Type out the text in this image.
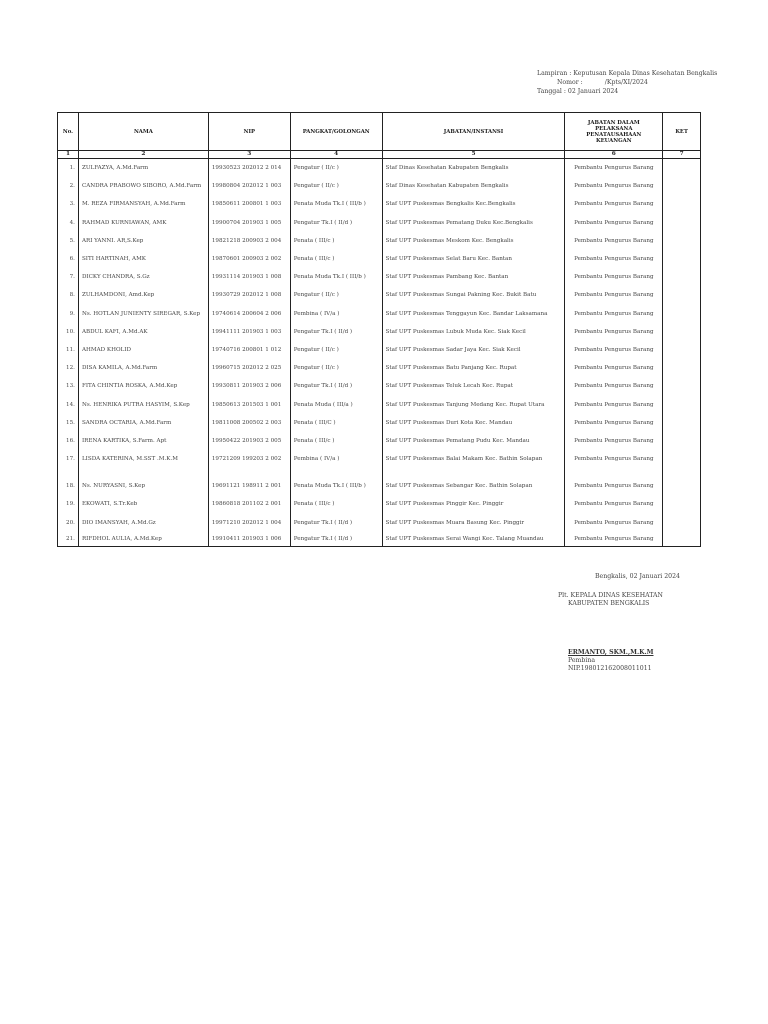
Lampiran : Keputusan Kepala Dinas Kesehatan Bengkalis
Nomor :	/Kpts/XI/2024
Tanggal : 02 Januari 2024
No.	NAMA	NIP	PANGKAT/GOLONGAN	JABATAN/INSTANSI	JABATAN DALAM PELAKSANA PENATAUSAHAAN KEUANGAN	KET
1	2	3	4	5	6	7
1.	ZULFAZYA, A.Md.Farm	19930523 202012 2 014	Pengatur ( II/c )	Staf Dinas Kesehatan Kabupaten Bengkalis	Pembantu Pengurus Barang	
2.	CANDRA PRABOWO SIBORO, A.Md.Farm	19980804 202012 1 003	Pengatur ( II/c )	Staf Dinas Kesehatan Kabupaten Bengkalis	Pembantu Pengurus Barang	
3.	M. REZA FIRMANSYAH, A.Md.Farm	19850611 200801 1 003	Penata Muda Tk.I ( III/b )	Staf UPT Puskesmas Bengkalis Kec.Bengkalis	Pembantu Pengurus Barang	
4.	RAHMAD KURNIAWAN, AMK	19900704 201903 1 005	Pengatur Tk.I ( II/d )	Staf UPT Puskesmas Pematang Duku Kec.Bengkalis	Pembantu Pengurus Barang	
5.	ARI YANNI. AR,S.Kep	19821218 200903 2 004	Penata ( III/c )	Staf UPT Puskesmas Meskom Kec. Bengkalis	Pembantu Pengurus Barang	
6.	SITI HARTINAH, AMK	19870601 200903 2 002	Penata ( III/c )	Staf UPT Puskesmas Selat Baru Kec. Bantan	Pembantu Pengurus Barang	
7.	DICKY CHANDRA, S.Gz	19931114 201903 1 008	Penata Muda Tk.I ( III/b )	Staf UPT Puskesmas Pambang Kec. Bantan	Pembantu Pengurus Barang	
8.	ZULHAMDONI, Amd.Kep	19930729 202012 1 008	Pengatur ( II/c )	Staf UPT Puskesmas Sungai Pakning Kec. Bukit Batu	Pembantu Pengurus Barang	
9.	Ns. HOTLAN JUNIENTY SIREGAR, S.Kep	19740614 200604 2 006	Pembina ( IV/a )	Staf UPT Puskesmas Tenggayun Kec. Bandar Laksamana	Pembantu Pengurus Barang	
10.	ABDUL KAFI, A.Md.AK	19941111 201903 1 003	Pengatur Tk.I ( II/d )	Staf UPT Puskesmas Lubuk Muda Kec. Siak Kecil	Pembantu Pengurus Barang	
11.	AHMAD KHOLID	19740716 200801 1 012	Pengatur ( II/c )	Staf UPT Puskesmas Sadar Jaya Kec. Siak Kecil	Pembantu Pengurus Barang	
12.	DISA KAMILA, A.Md.Farm	19960715 202012 2 025	Pengatur ( II/c )	Staf UPT Puskesmas Batu Panjang Kec. Rupat	Pembantu Pengurus Barang	
13.	FITA CHINTIA ROSKA, A.Md.Kep	19930811 201903 2 006	Pengatur Tk.I ( II/d )	Staf UPT Puskesmas Teluk Lecah Kec. Rupat	Pembantu Pengurus Barang	
14.	Ns. HENRIKA PUTRA HASYIM, S.Kep	19850613 201503 1 001	Penata Muda ( III/a )	Staf UPT Puskesmas Tanjung Medang Kec. Rupat Utara	Pembantu Pengurus Barang	
15.	SANDRA OCTARIA, A.Md.Farm	19811008 200502 2 003	Penata ( III/C )	Staf UPT Puskesmas Duri Kota Kec. Mandau	Pembantu Pengurus Barang	
16.	IRENA KARTIKA, S.Farm. Apt	19950422 201903 2 005	Penata ( III/c )	Staf UPT Puskesmas Pematang Pudu Kec. Mandau	Pembantu Pengurus Barang	
17.	LISDA KATERINA, M.SST .M.K.M	19721209 199203 2 002	Pembina ( IV/a )	Staf UPT Puskesmas Balai Makam Kec. Bathin Solapan	Pembantu Pengurus Barang	

18.	Ns. NURYASNI, S.Kep	19691121 198911 2 001	Penata Muda Tk.I ( III/b )	Staf UPT Puskesmas Sebangar Kec. Bathin Solapan	Pembantu Pengurus Barang	
19.	EKOWATI, S.Tr.Keb	19860818 201102 2 001	Penata ( III/c )	Staf UPT Puskesmas Pinggir Kec. Pinggir	Pembantu Pengurus Barang	
20.	DIO IMANSYAH, A.Md.Gz	19971210 202012 1 004	Pengatur Tk.I ( II/d )	Staf UPT Puskesmas Muara Basung Kec. Pinggir	Pembantu Pengurus Barang	
21.	RIFDHOL AULIA, A.Md.Kep	19910411 201903 1 006	Pengatur Tk.I ( II/d )	Staf UPT Puskesmas Serai Wangi Kec. Talang Muandau	Pembantu Pengurus Barang	
Bengkalis, 02 Januari 2024
Plt. KEPALA DINAS KESEHATAN
KABUPATEN BENGKALIS
ERMANTO, SKM.,M.K.M
Pembina
NIP.198012162008011011
